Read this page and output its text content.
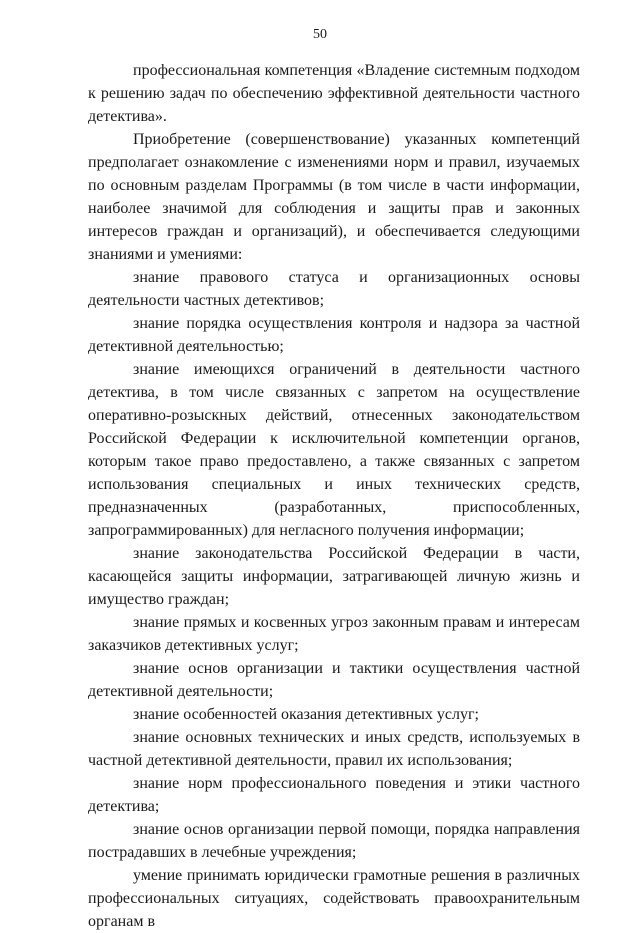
50

профессиональная компетенция «Владение системным подходом к решению задач по обеспечению эффективной деятельности частного детектива».

Приобретение (совершенствование) указанных компетенций предполагает ознакомление с изменениями норм и правил, изучаемых по основным разделам Программы (в том числе в части информации, наиболее значимой для соблюдения и защиты прав и законных интересов граждан и организаций), и обеспечивается следующими знаниями и умениями:

знание правового статуса и организационных основы деятельности частных детективов;

знание порядка осуществления контроля и надзора за частной детективной деятельностью;

знание имеющихся ограничений в деятельности частного детектива, в том числе связанных с запретом на осуществление оперативно-розыскных действий, отнесенных законодательством Российской Федерации к исключительной компетенции органов, которым такое право предоставлено, а также связанных с запретом использования специальных и иных технических средств, предназначенных (разработанных, приспособленных, запрограммированных) для негласного получения информации;

знание законодательства Российской Федерации в части, касающейся защиты информации, затрагивающей личную жизнь и имущество граждан;

знание прямых и косвенных угроз законным правам и интересам заказчиков детективных услуг;

знание основ организации и тактики осуществления частной детективной деятельности;

знание особенностей оказания детективных услуг;

знание основных технических и иных средств, используемых в частной детективной деятельности, правил их использования;

знание норм профессионального поведения и этики частного детектива;

знание основ организации первой помощи, порядка направления пострадавших в лечебные учреждения;

умение принимать юридически грамотные решения в различных профессиональных ситуациях, содействовать правоохранительным органам в
